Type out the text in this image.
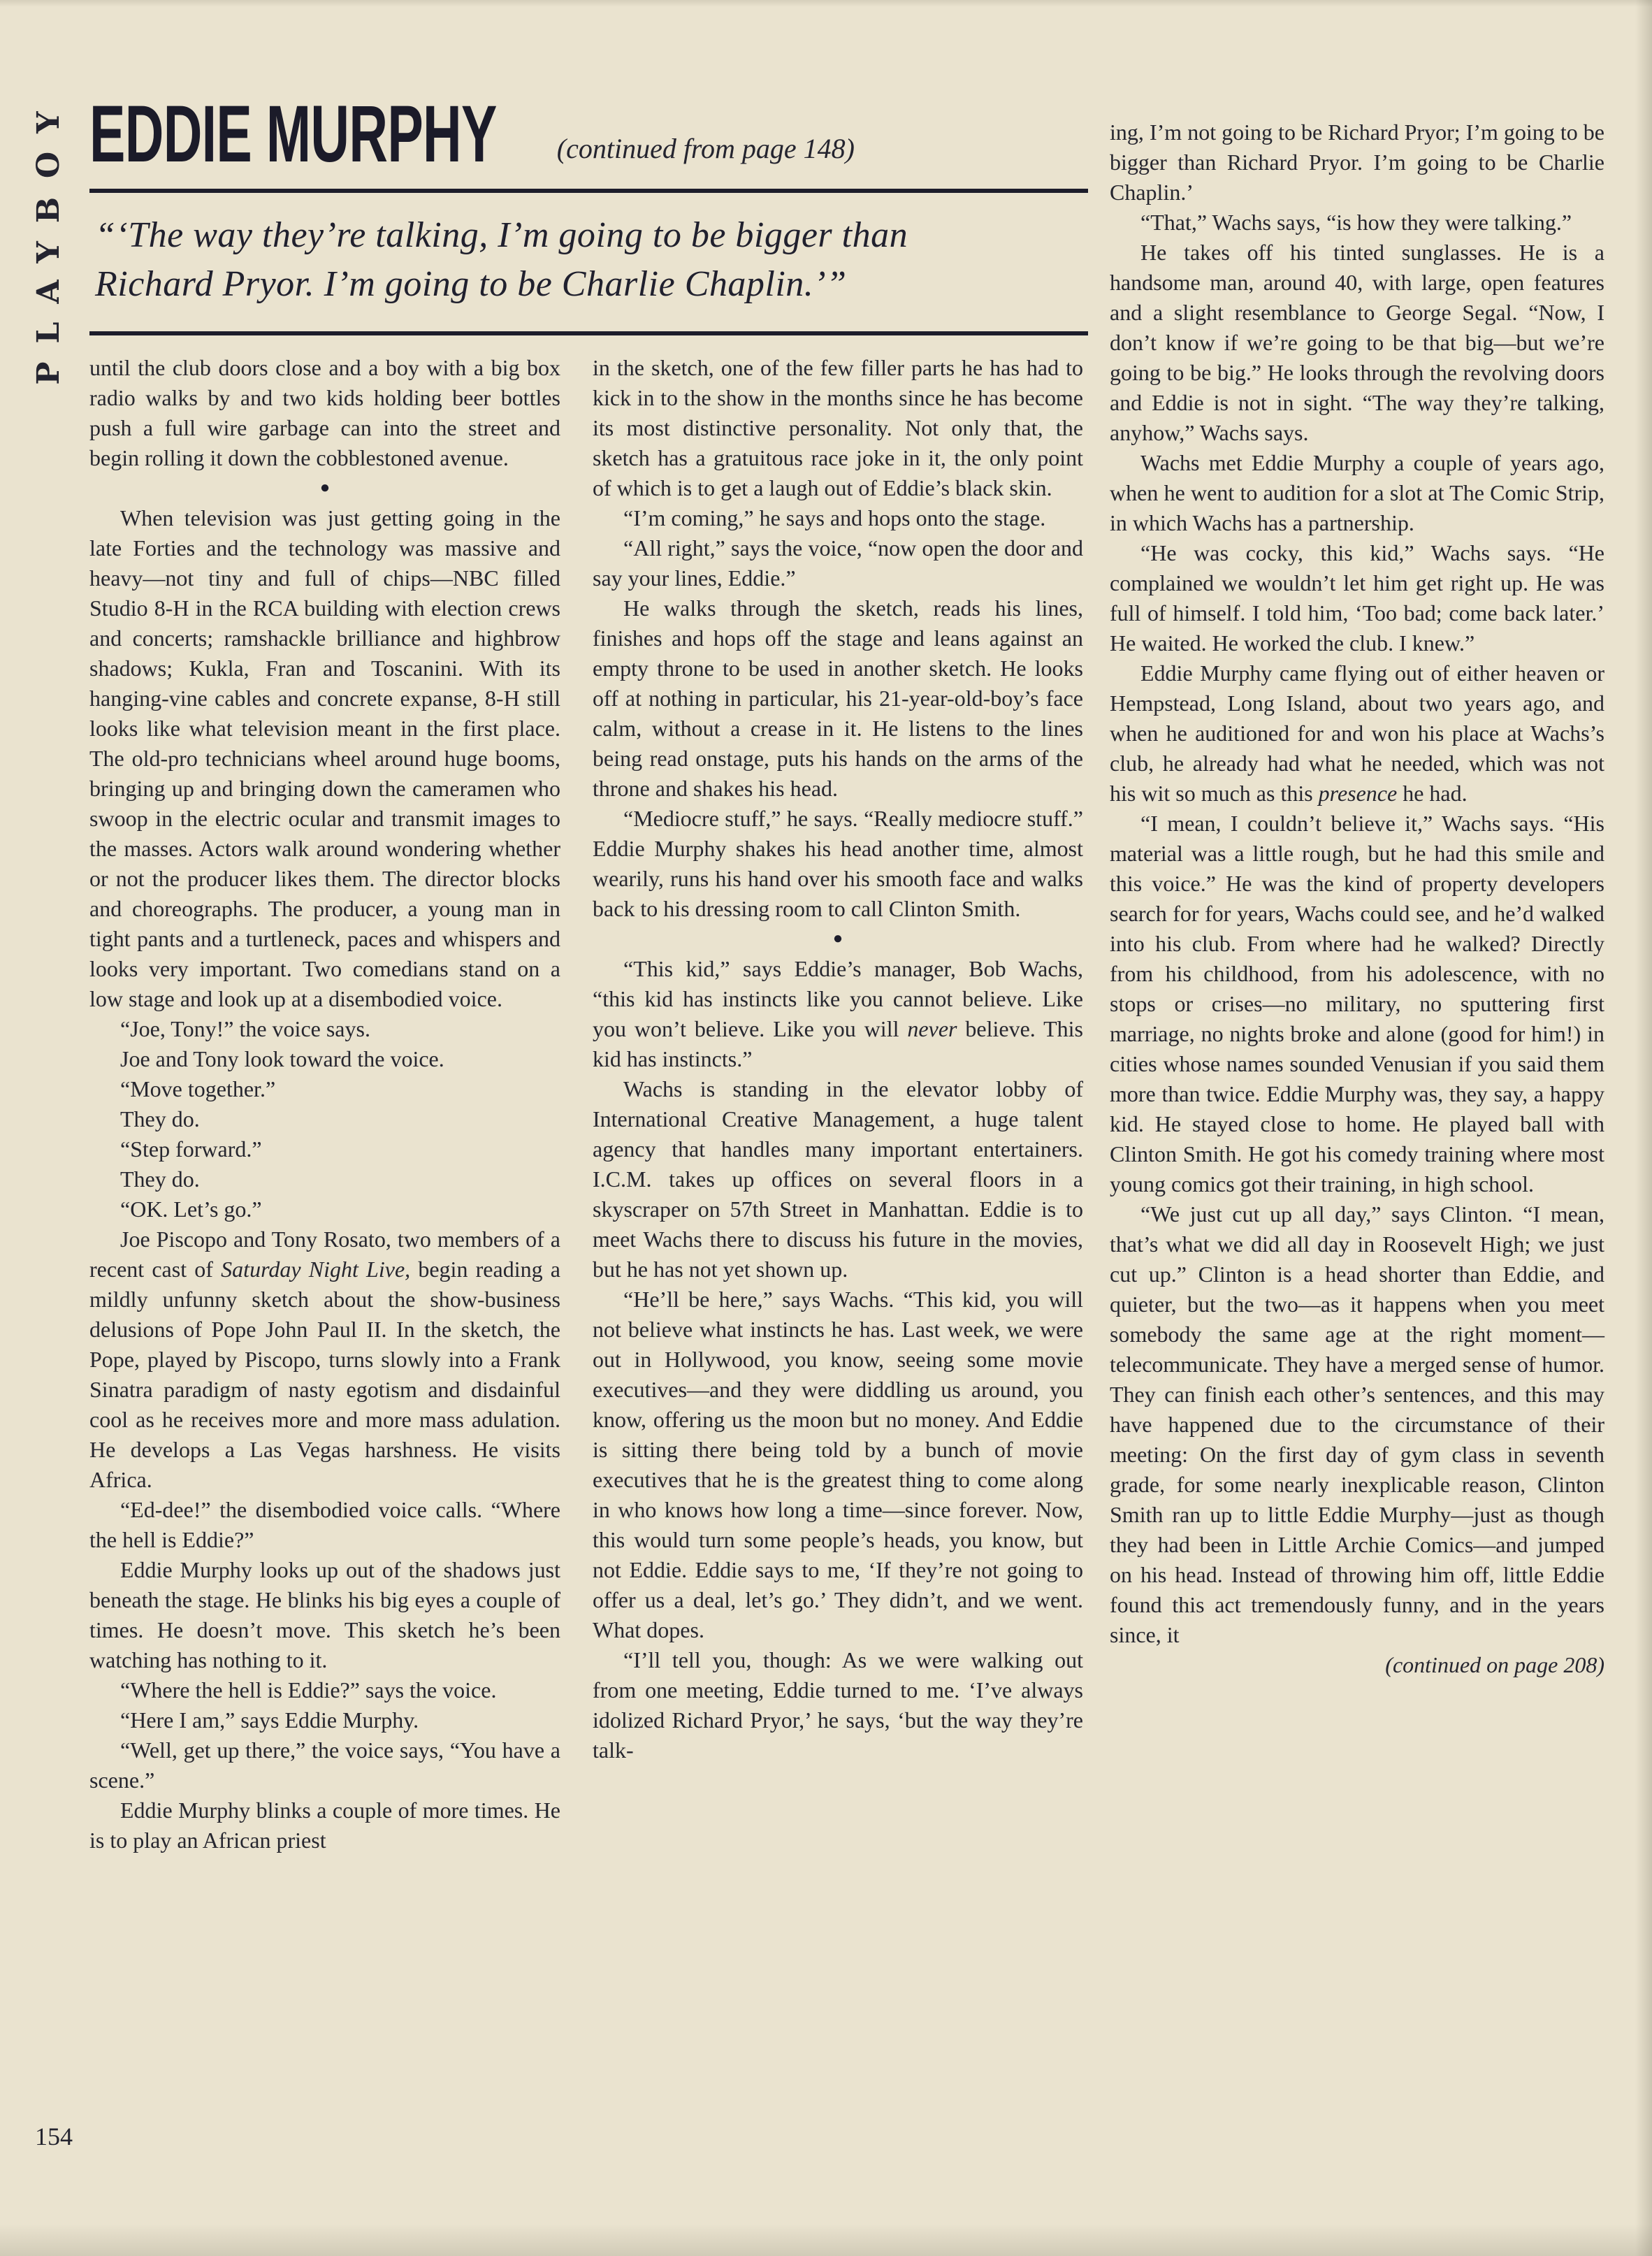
PLAYBOY EDDIE MURPHY (continued from page 148)
“‘The way they’re talking, I’m going to be bigger than
Richard Pryor. I’m going to be Charlie Chaplin.’”

until the club doors close and a boy with a big box radio walks by and two kids holding beer bottles push a full wire garbage can into the street and begin rolling it down the cobblestoned avenue.

●

When television was just getting going in the late Forties and the technology was massive and heavy—not tiny and full of chips—NBC filled Studio 8-H in the RCA building with election crews and concerts; ramshackle brilliance and highbrow shadows; Kukla, Fran and Toscanini. With its hanging-vine cables and concrete expanse, 8-H still looks like what television meant in the first place. The old-pro technicians wheel around huge booms, bringing up and bringing down the cameramen who swoop in the electric ocular and transmit images to the masses. Actors walk around wondering whether or not the producer likes them. The director blocks and choreographs. The producer, a young man in tight pants and a turtleneck, paces and whispers and looks very important. Two comedians stand on a low stage and look up at a disembodied voice.

“Joe, Tony!” the voice says.

Joe and Tony look toward the voice.

“Move together.”

They do.

“Step forward.”

They do.

“OK. Let’s go.”

Joe Piscopo and Tony Rosato, two members of a recent cast of Saturday Night Live, begin reading a mildly unfunny sketch about the show-business delusions of Pope John Paul II. In the sketch, the Pope, played by Piscopo, turns slowly into a Frank Sinatra paradigm of nasty egotism and disdainful cool as he receives more and more mass adulation. He develops a Las Vegas harshness. He visits Africa.

“Ed-dee!” the disembodied voice calls. “Where the hell is Eddie?”

Eddie Murphy looks up out of the shadows just beneath the stage. He blinks his big eyes a couple of times. He doesn’t move. This sketch he’s been watching has nothing to it.

“Where the hell is Eddie?” says the voice.

“Here I am,” says Eddie Murphy.

“Well, get up there,” the voice says, “You have a scene.”

Eddie Murphy blinks a couple of more times. He is to play an African priest

in the sketch, one of the few filler parts he has had to kick in to the show in the months since he has become its most distinctive personality. Not only that, the sketch has a gratuitous race joke in it, the only point of which is to get a laugh out of Eddie’s black skin.

“I’m coming,” he says and hops onto the stage.

“All right,” says the voice, “now open the door and say your lines, Eddie.”

He walks through the sketch, reads his lines, finishes and hops off the stage and leans against an empty throne to be used in another sketch. He looks off at nothing in particular, his 21-year-old-boy’s face calm, without a crease in it. He listens to the lines being read onstage, puts his hands on the arms of the throne and shakes his head.

“Mediocre stuff,” he says. “Really mediocre stuff.” Eddie Murphy shakes his head another time, almost wearily, runs his hand over his smooth face and walks back to his dressing room to call Clinton Smith.

●

“This kid,” says Eddie’s manager, Bob Wachs, “this kid has instincts like you cannot believe. Like you won’t believe. Like you will never believe. This kid has instincts.”

Wachs is standing in the elevator lobby of International Creative Management, a huge talent agency that handles many important entertainers. I.C.M. takes up offices on several floors in a skyscraper on 57th Street in Manhattan. Eddie is to meet Wachs there to discuss his future in the movies, but he has not yet shown up.

“He’ll be here,” says Wachs. “This kid, you will not believe what instincts he has. Last week, we were out in Hollywood, you know, seeing some movie executives—and they were diddling us around, you know, offering us the moon but no money. And Eddie is sitting there being told by a bunch of movie executives that he is the greatest thing to come along in who knows how long a time—since forever. Now, this would turn some people’s heads, you know, but not Eddie. Eddie says to me, ‘If they’re not going to offer us a deal, let’s go.’ They didn’t, and we went. What dopes.

“I’ll tell you, though: As we were walking out from one meeting, Eddie turned to me. ‘I’ve always idolized Richard Pryor,’ he says, ‘but the way they’re talk-

ing, I’m not going to be Richard Pryor; I’m going to be bigger than Richard Pryor. I’m going to be Charlie Chaplin.’

“That,” Wachs says, “is how they were talking.”

He takes off his tinted sunglasses. He is a handsome man, around 40, with large, open features and a slight resemblance to George Segal. “Now, I don’t know if we’re going to be that big—but we’re going to be big.” He looks through the revolving doors and Eddie is not in sight. “The way they’re talking, anyhow,” Wachs says.

Wachs met Eddie Murphy a couple of years ago, when he went to audition for a slot at The Comic Strip, in which Wachs has a partnership.

“He was cocky, this kid,” Wachs says. “He complained we wouldn’t let him get right up. He was full of himself. I told him, ‘Too bad; come back later.’ He waited. He worked the club. I knew.”

Eddie Murphy came flying out of either heaven or Hempstead, Long Island, about two years ago, and when he auditioned for and won his place at Wachs’s club, he already had what he needed, which was not his wit so much as this presence he had.

“I mean, I couldn’t believe it,” Wachs says. “His material was a little rough, but he had this smile and this voice.” He was the kind of property developers search for for years, Wachs could see, and he’d walked into his club. From where had he walked? Directly from his childhood, from his adolescence, with no stops or crises—no military, no sputtering first marriage, no nights broke and alone (good for him!) in cities whose names sounded Venusian if you said them more than twice. Eddie Murphy was, they say, a happy kid. He stayed close to home. He played ball with Clinton Smith. He got his comedy training where most young comics got their training, in high school.

“We just cut up all day,” says Clinton. “I mean, that’s what we did all day in Roosevelt High; we just cut up.” Clinton is a head shorter than Eddie, and quieter, but the two—as it happens when you meet somebody the same age at the right moment—telecommunicate. They have a merged sense of humor. They can finish each other’s sentences, and this may have happened due to the circumstance of their meeting: On the first day of gym class in seventh grade, for some nearly inexplicable reason, Clinton Smith ran up to little Eddie Murphy—just as though they had been in Little Archie Comics—and jumped on his head. Instead of throwing him off, little Eddie found this act tremendously funny, and in the years since, it

(continued on page 208)

154
